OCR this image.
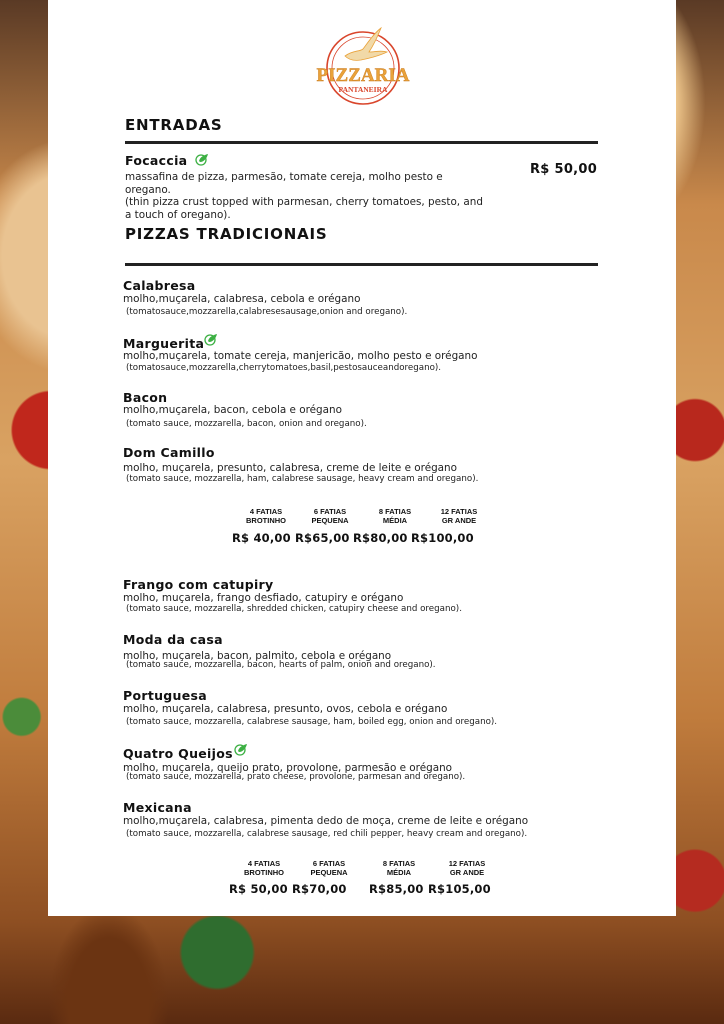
PIZZARIA
PANTANEIRA
ENTRADAS
Focaccia
massafina de pizza, parmesão, tomate cereja, molho pesto e
oregano.
(thin pizza crust topped with parmesan, cherry tomatoes, pesto, and
a touch of oregano).
R$ 50,00
PIZZAS TRADICIONAIS
Calabresa
molho,muçarela, calabresa, cebola e orégano
(tomatosauce,mozzarella,calabresesausage,onion and oregano).
Marguerita
molho,muçarela, tomate cereja, manjericão, molho pesto e orégano
(tomatosauce,mozzarella,cherrytomatoes,basil,pestosauceandoregano).
Bacon
molho,muçarela, bacon, cebola e orégano
(tomato sauce, mozzarella, bacon, onion and oregano).
Dom Camillo
molho, muçarela, presunto, calabresa, creme de leite e orégano
(tomato sauce, mozzarella, ham, calabrese sausage, heavy cream and oregano).
4 FATIAS
BROTINHO
6 FATIAS
PEQUENA
8 FATIAS
MÉDIA
12 FATIAS
GR ANDE
R$ 40,00 R$65,00 R$80,00 R$100,00
Frango com catupiry
molho, muçarela, frango desfiado, catupiry e orégano
(tomato sauce, mozzarella, shredded chicken, catupiry cheese and oregano).
Moda da casa
molho, muçarela, bacon, palmito, cebola e orégano
(tomato sauce, mozzarella, bacon, hearts of palm, onion and oregano).
Portuguesa
molho, muçarela, calabresa, presunto, ovos, cebola e orégano
(tomato sauce, mozzarella, calabrese sausage, ham, boiled egg, onion and oregano).
Quatro Queijos
molho, muçarela, queijo prato, provolone, parmesão e orégano
(tomato sauce, mozzarella, prato cheese, provolone, parmesan and oregano).
Mexicana
molho,muçarela, calabresa, pimenta dedo de moça, creme de leite e orégano
(tomato sauce, mozzarella, calabrese sausage, red chili pepper, heavy cream and oregano).
4 FATIAS
BROTINHO
6 FATIAS
PEQUENA
8 FATIAS
MÉDIA
12 FATIAS
GR ANDE
R$ 50,00 R$70,00 R$85,00 R$105,00
